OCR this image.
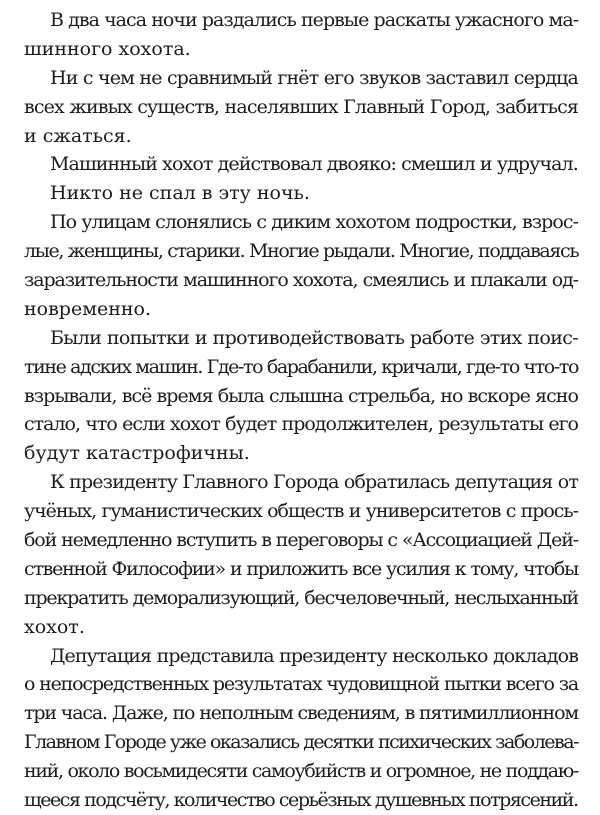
В два часа ночи раздались первые раскаты ужасного ма-
шинного хохота.
Ни с чем не сравнимый гнёт его звуков заставил сердца
всех живых существ, населявших Главный Город, забиться
и сжаться.
Машинный хохот действовал двояко: смешил и удручал.
Никто не спал в эту ночь.
По улицам слонялись с диким хохотом подростки, взрос-
лые, женщины, старики. Многие рыдали. Многие, поддаваясь
заразительности машинного хохота, смеялись и плакали од-
новременно.
Были попытки и противодействовать работе этих поис-
тине адских машин. Где-то барабанили, кричали, где-то что-то
взрывали, всё время была слышна стрельба, но вскоре ясно
стало, что если хохот будет продолжителен, результаты его
будут катастрофичны.
К президенту Главного Города обратилась депутация от
учёных, гуманистических обществ и университетов с прось-
бой немедленно вступить в переговоры с «Ассоциацией Дей-
ственной Философии» и приложить все усилия к тому, чтобы
прекратить деморализующий, бесчеловечный, неслыханный
хохот.
Депутация представила президенту несколько докладов
о непосредственных результатах чудовищной пытки всего за
три часа. Даже, по неполным сведениям, в пятимиллионном
Главном Городе уже оказались десятки психических заболева-
ний, около восьмидесяти самоубийств и огромное, не поддаю-
щееся подсчёту, количество серьёзных душевных потрясений.
